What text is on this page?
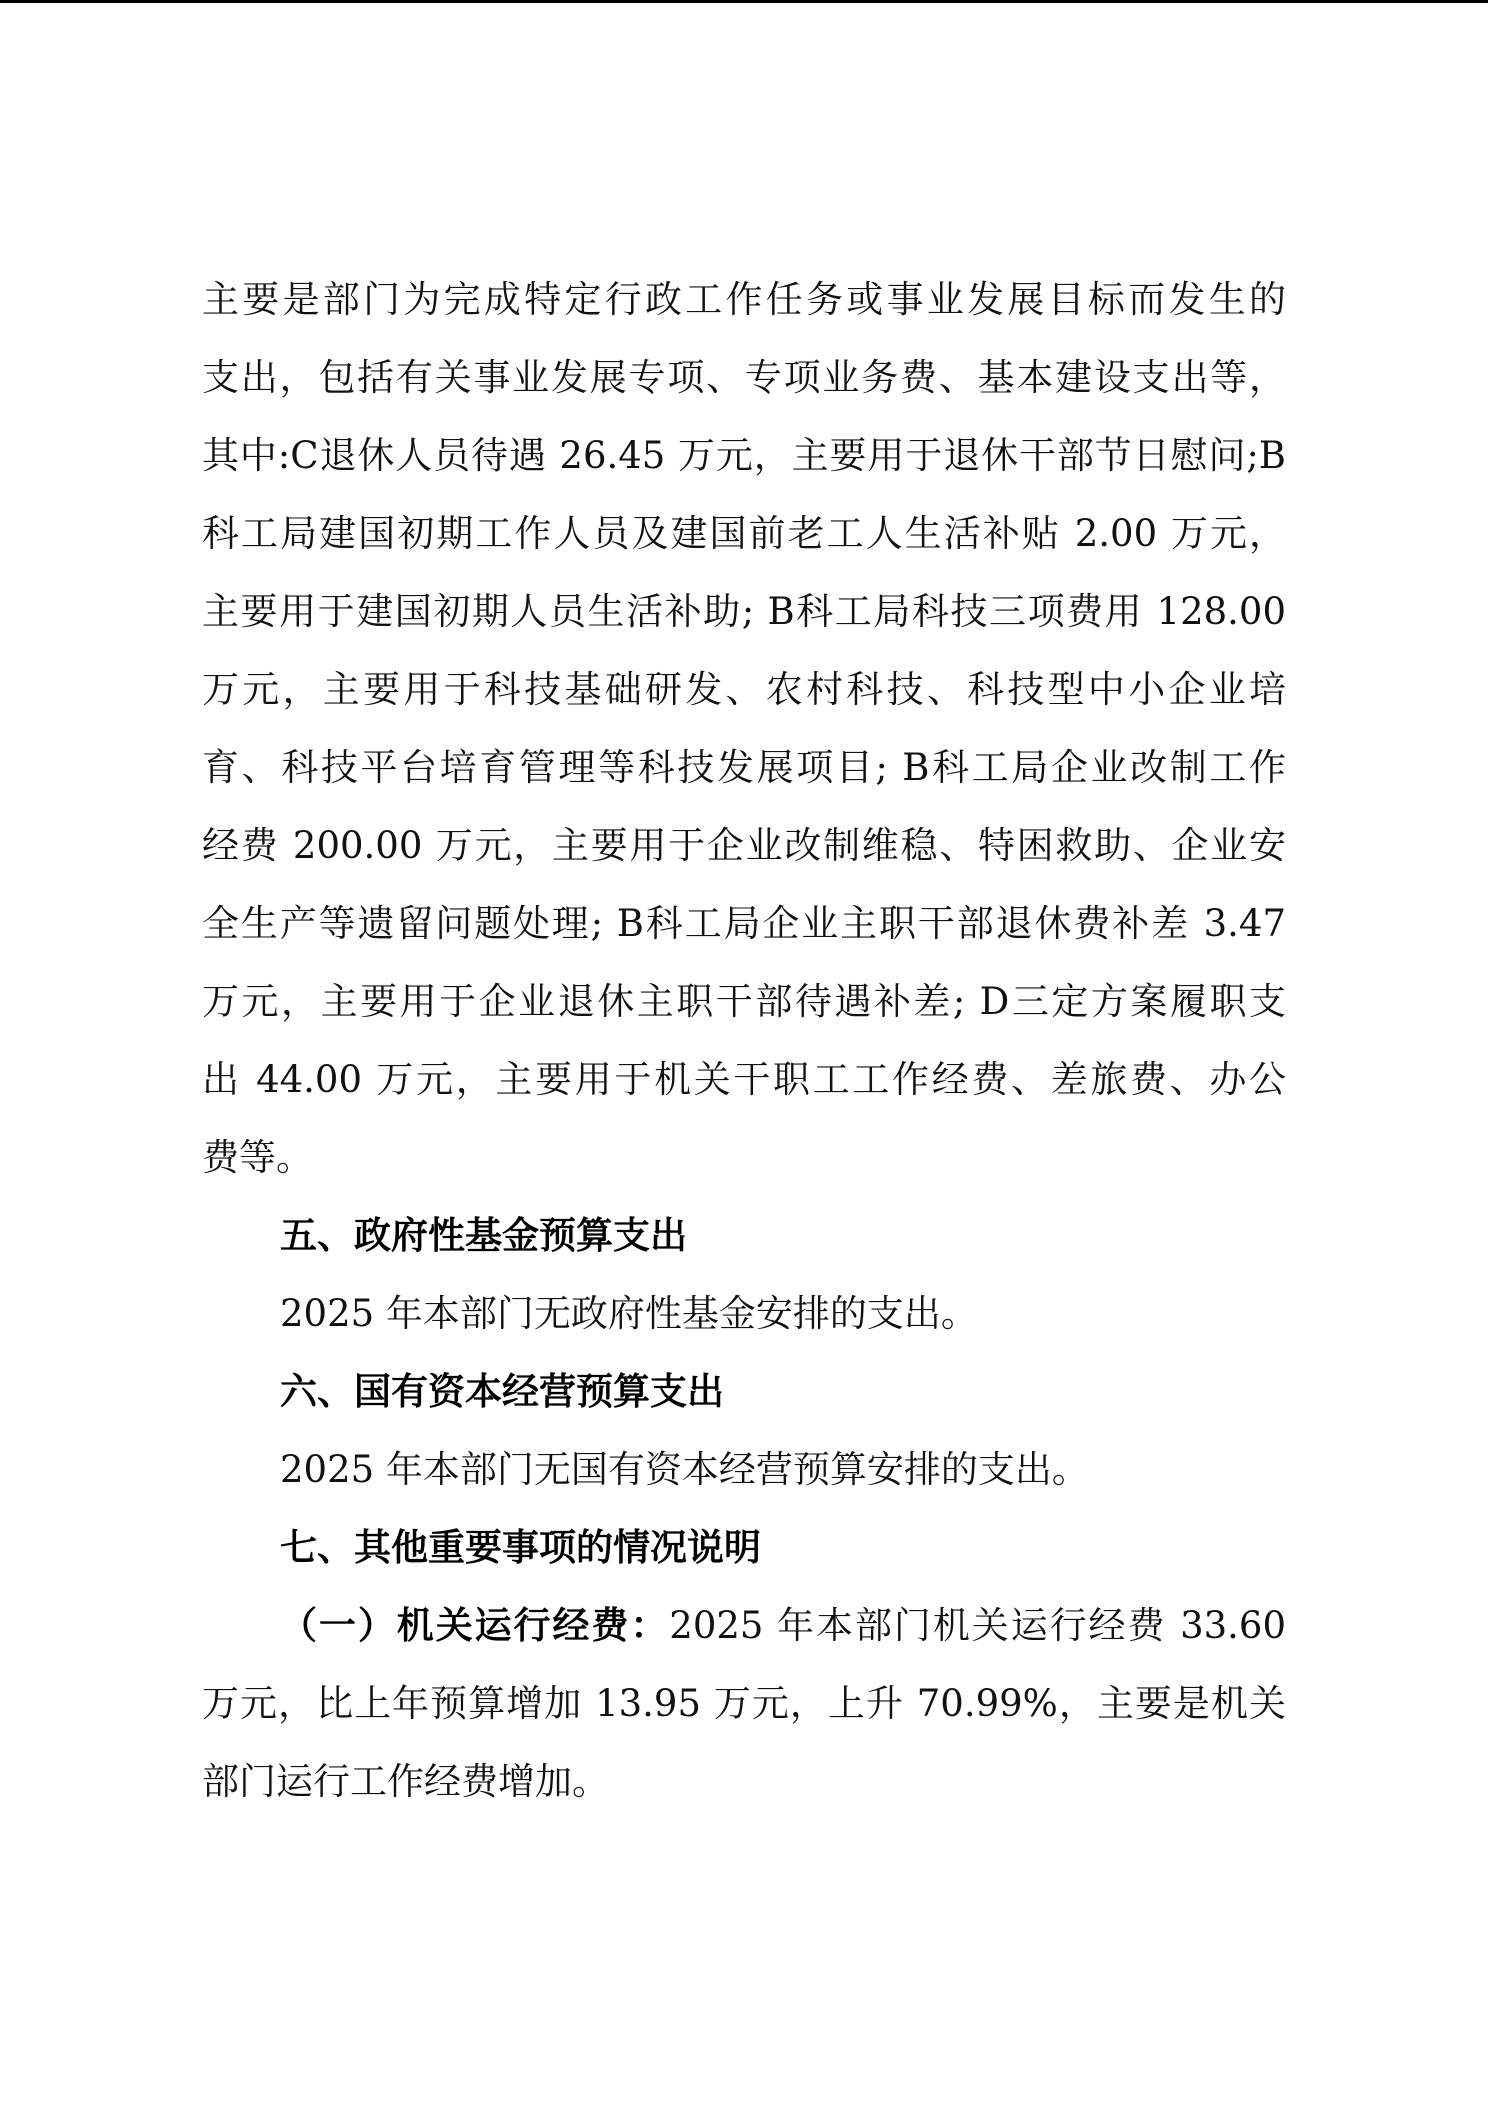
主要是部门为完成特定行政工作任务或事业发展目标而发生的
支出，包括有关事业发展专项、专项业务费、基本建设支出等，
其中:C退休人员待遇 26.45 万元，主要用于退休干部节日慰问;B
科工局建国初期工作人员及建国前老工人生活补贴 2.00 万元，
主要用于建国初期人员生活补助; B科工局科技三项费用 128.00
万元，主要用于科技基础研发、农村科技、科技型中小企业培
育、科技平台培育管理等科技发展项目; B科工局企业改制工作
经费 200.00 万元，主要用于企业改制维稳、特困救助、企业安
全生产等遗留问题处理; B科工局企业主职干部退休费补差 3.47
万元，主要用于企业退休主职干部待遇补差; D三定方案履职支
出 44.00 万元，主要用于机关干职工工作经费、差旅费、办公
费等。
五、政府性基金预算支出
2025 年本部门无政府性基金安排的支出。
六、国有资本经营预算支出
2025 年本部门无国有资本经营预算安排的支出。
七、其他重要事项的情况说明
（一）机关运行经费：2025 年本部门机关运行经费 33.60
万元，比上年预算增加 13.95 万元，上升 70.99%，主要是机关
部门运行工作经费增加。
